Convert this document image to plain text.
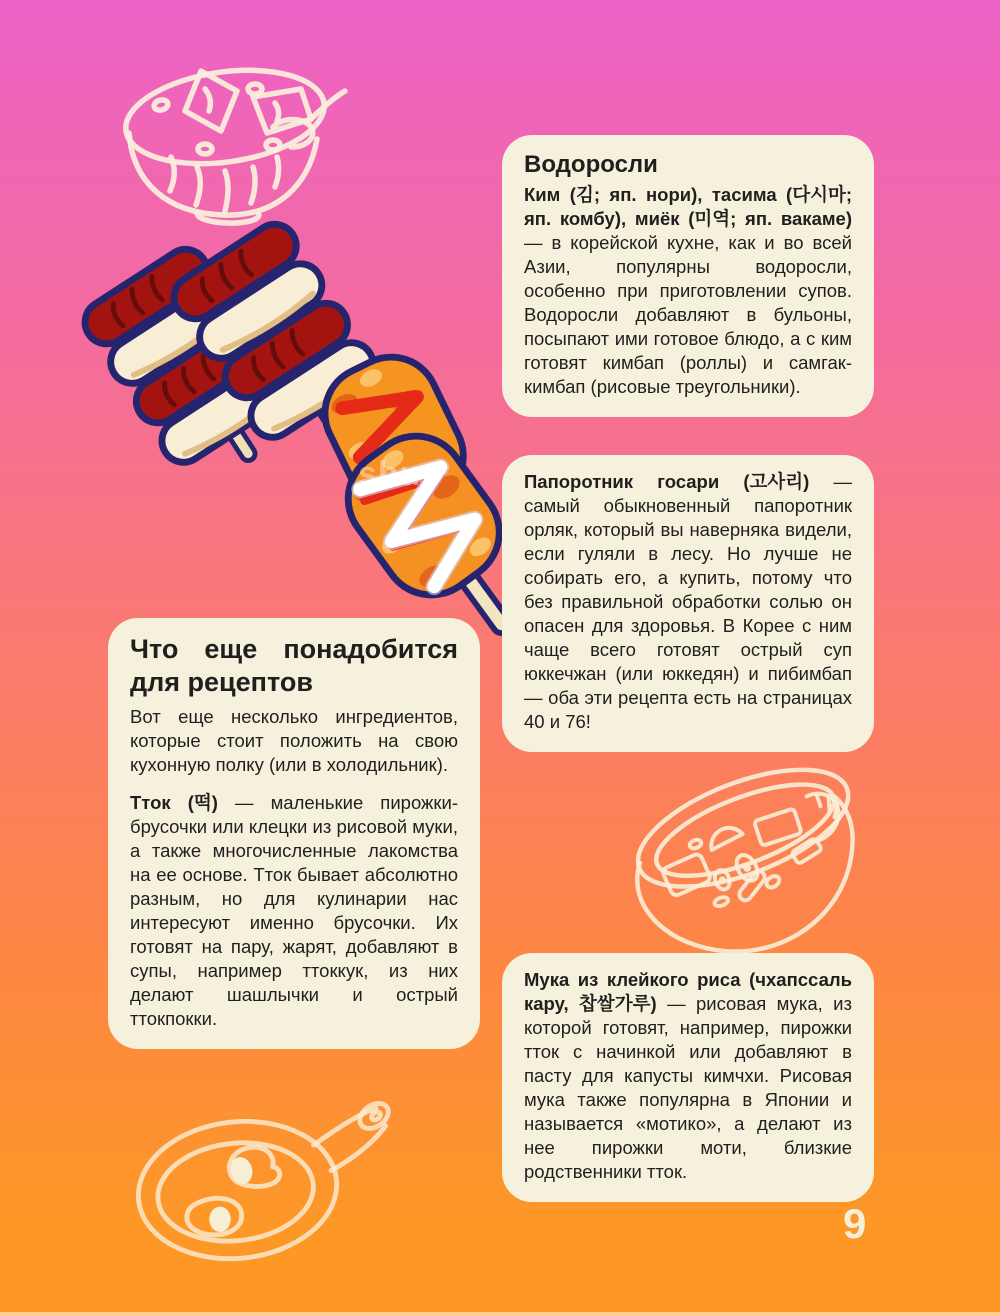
Водоросли

Ким (김; яп. нори), тасима (다시마; яп. комбу), миёк (미역; яп. вакаме) — в корейской кухне, как и во всей Азии, популярны водоросли, особенно при приготовлении супов. Водоросли добавляют в бульоны, посыпают ими готовое блюдо, а с ким готовят кимбап (роллы) и самгак-кимбап (рисовые треугольники).

Папоротник госари (고사리) — самый обыкновенный папоротник орляк, который вы наверняка видели, если гуляли в лесу. Но лучше не собирать его, а купить, потому что без правильной обработки солью он опасен для здоровья. В Корее с ним чаще всего готовят острый суп юккечжан (или юккедян) и пибимбап — оба эти рецепта есть на страницах 40 и 76!

Что еще понадобится
для рецептов

Вот еще несколько ингредиентов, которые стоит положить на свою кухонную полку (или в холодильник).

Тток (떡) — маленькие пирожки-брусочки или клецки из рисовой муки, а также многочисленные лакомства на ее основе. Тток бывает абсолютно разным, но для кулинарии нас интересуют именно брусочки. Их готовят на пару, жарят, добавляют в супы, например ттоккук, из них делают шашлычки и острый ттокпокки.

Мука из клейкого риса (чхапссаль кару, 찹쌀가루) — рисовая мука, из которой готовят, например, пирожки тток с начинкой или добавляют в пасту для капусты кимчхи. Рисовая мука также популярна в Японии и называется «мотико», а делают из нее пирожки моти, близкие родственники тток.

shu
9
